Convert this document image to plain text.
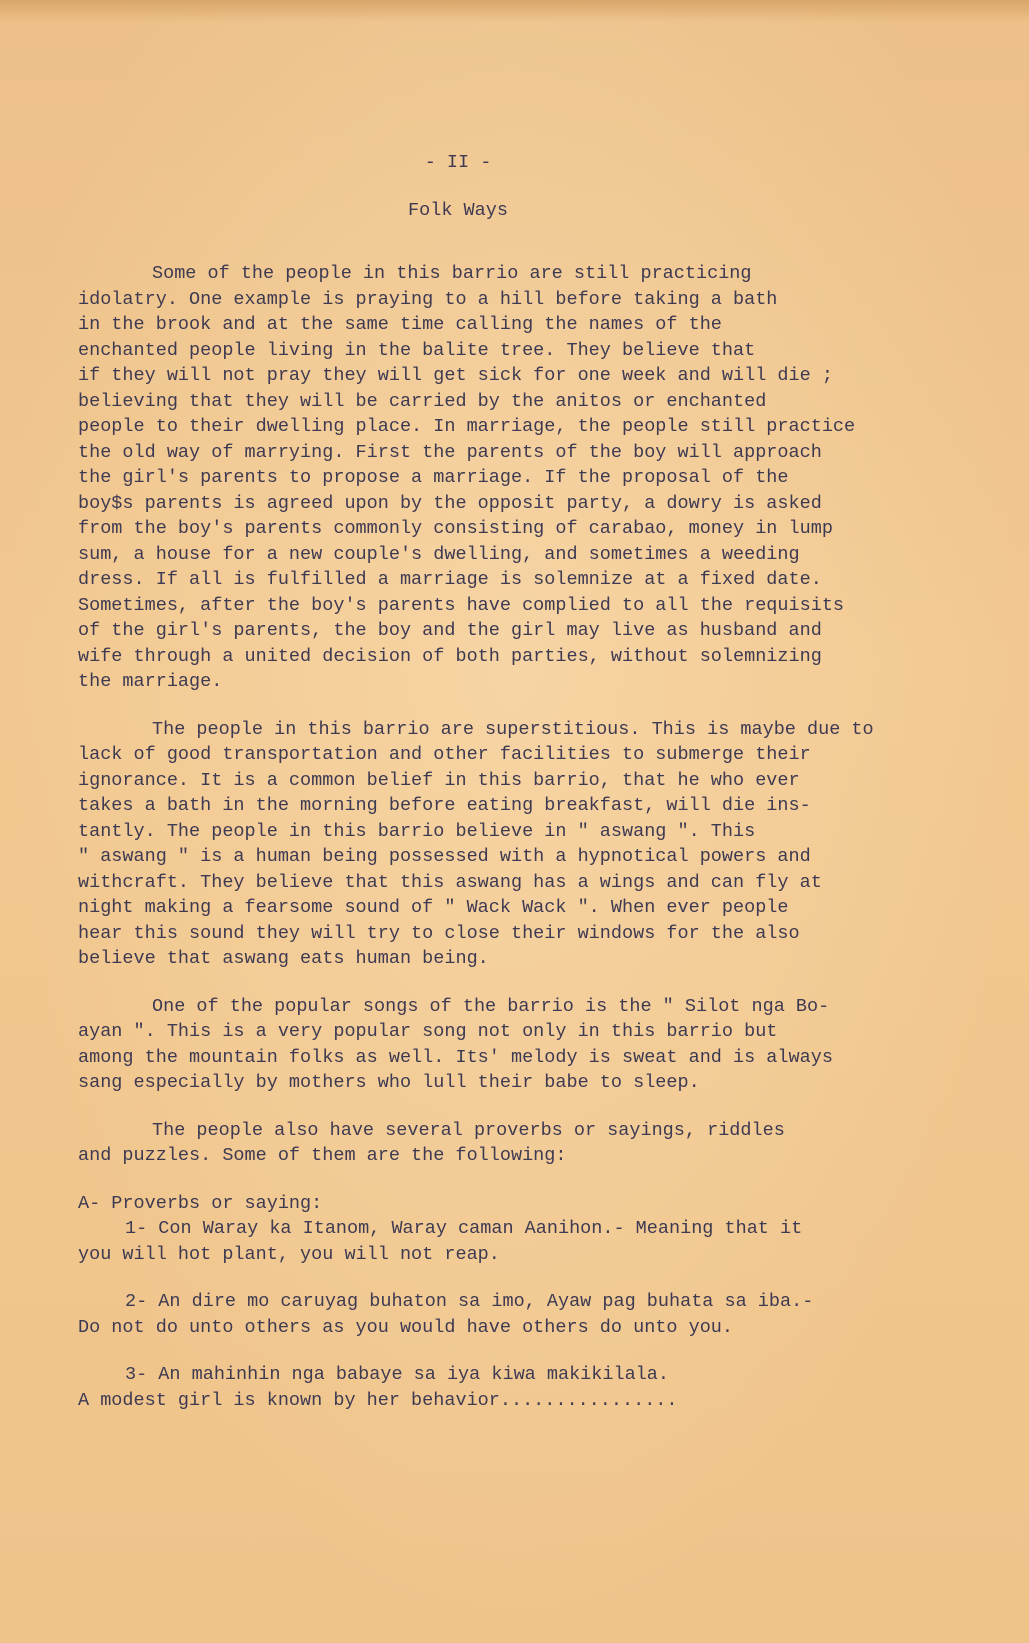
- II -
Folk Ways
Some of the people in this barrio are still practicing
idolatry. One example is praying to a hill before taking a bath
in the brook and at the same time calling the names of the
enchanted people living in the balite tree. They believe that
if they will not pray they will get sick for one week and will die ;
believing that they will be carried by the anitos or enchanted
people to their dwelling place. In marriage, the people still practice
the old way of marrying. First the parents of the boy will approach
the girl's parents to propose a marriage. If the proposal of the
boy$s parents is agreed upon by the opposit party, a dowry is asked
from the boy's parents commonly consisting of carabao, money in lump
sum, a house for a new couple's dwelling, and sometimes a weeding
dress. If all is fulfilled a marriage is solemnize at a fixed date.
Sometimes, after the boy's parents have complied to all the requisits
of the girl's parents, the boy and the girl may live as husband and
wife through a united decision of both parties, without solemnizing
the marriage.
The people in this barrio are superstitious. This is maybe due to
lack of good transportation and other facilities to submerge their
ignorance. It is a common belief in this barrio, that he who ever
takes a bath in the morning before eating breakfast, will die ins-
tantly. The people in this barrio believe in " aswang ". This
" aswang " is a human being possessed with a hypnotical powers and
withcraft. They believe that this aswang has a wings and can fly at
night making a fearsome sound of " Wack Wack ". When ever people
hear this sound they will try to close their windows for the also
believe that aswang eats human being.
One of the popular songs of the barrio is the " Silot nga Bo-
ayan ". This is a very popular song not only in this barrio but
among the mountain folks as well. Its' melody is sweat and is always
sang especially by mothers who lull their babe to sleep.
The people also have several proverbs or sayings, riddles
and puzzles. Some of them are the following:
A- Proverbs or saying:
1- Con Waray ka Itanom, Waray caman Aanihon.- Meaning that it
you will hot plant, you will not reap.
2- An dire mo caruyag buhaton sa imo, Ayaw pag buhata sa iba.-
Do not do unto others as you would have others do unto you.
3- An mahinhin nga babaye sa iya kiwa makikilala.
A modest girl is known by her behavior................
